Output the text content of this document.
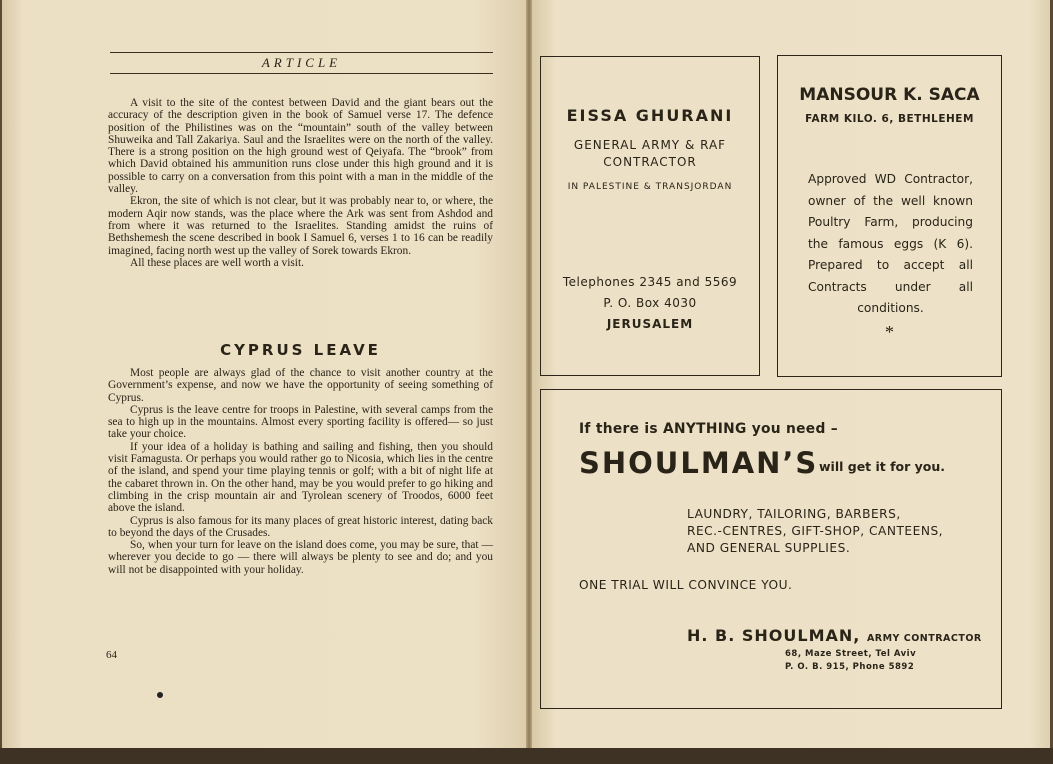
ARTICLE

A visit to the site of the contest between David and the giant bears out the accuracy of the description given in the book of Samuel verse 17. The defence position of the Philistines was on the “mountain” south of the valley between Shuweika and Tall Zakariya. Saul and the Israelites were on the north of the valley. There is a strong position on the high ground west of Qeiyafa. The “brook” from which David obtained his ammunition runs close under this high ground and it is possible to carry on a conversation from this point with a man in the middle of the valley.

Ekron, the site of which is not clear, but it was probably near to, or where, the modern Aqir now stands, was the place where the Ark was sent from Ashdod and from where it was returned to the Israelites. Standing amidst the ruins of Bethshemesh the scene described in book I Samuel 6, verses 1 to 16 can be readily imagined, facing north west up the valley of Sorek towards Ekron.

All these places are well worth a visit.

CYPRUS LEAVE

Most people are always glad of the chance to visit another country at the Government’s expense, and now we have the opportunity of seeing something of Cyprus.

Cyprus is the leave centre for troops in Palestine, with several camps from the sea to high up in the mountains. Almost every sporting facility is offered— so just take your choice.

If your idea of a holiday is bathing and sailing and fishing, then you should visit Famagusta. Or perhaps you would rather go to Nicosia, which lies in the centre of the island, and spend your time playing tennis or golf; with a bit of night life at the cabaret thrown in. On the other hand, may be you would prefer to go hiking and climbing in the crisp mountain air and Tyrolean scenery of Troodos, 6000 feet above the island.

Cyprus is also famous for its many places of great historic interest, dating back to beyond the days of the Crusades.

So, when your turn for leave on the island does come, you may be sure, that — wherever you decide to go — there will always be plenty to see and do; and you will not be disappointed with your holiday.

64
EISSA GHURANI
GENERAL ARMY & RAF
CONTRACTOR
IN PALESTINE & TRANSJORDAN
Telephones 2345 and 5569
P. O. Box 4030
JERUSALEM
MANSOUR K. SACA
FARM KILO. 6, BETHLEHEM
Approved WD Contractor, owner of the well known Poultry Farm, producing the famous eggs (K 6). Prepared to accept all Contracts under all conditions.
*
If there is ANYTHING you need –
SHOULMAN’S will get it for you.
LAUNDRY, TAILORING, BARBERS,
REC.-CENTRES, GIFT-SHOP, CANTEENS,
AND GENERAL SUPPLIES.
ONE TRIAL WILL CONVINCE YOU.
H. B. SHOULMAN, ARMY CONTRACTOR
68, Maze Street, Tel Aviv
P. O. B. 915, Phone 5892
